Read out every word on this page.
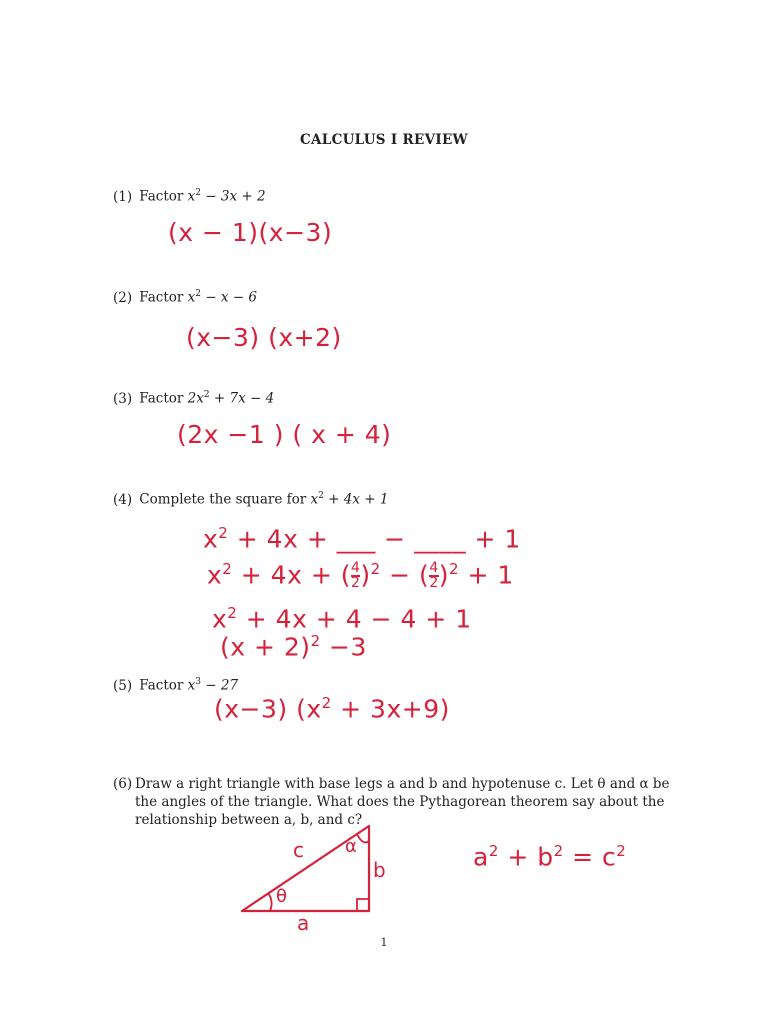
CALCULUS I REVIEW
(1) Factor $x^2 - 3x + 2$
(x − 1)(x−3)
(2) Factor $x^2 - x - 6$
(x−3) (x+2)
(3) Factor $2x^2 + 7x - 4$
(2x −1 ) ( x + 4)
(4) Complete the square for $x^2 + 4x + 1$
$x^2 + 4x$ + ___ − ____ + 1
$x^2 + 4x$ + ( $\frac{4}{2} )^2$ − ( $\frac{4}{2} )^2 + 1$
$x^2 + 4x + 4 - 4 + 1$
$(x + 2)^2 -3$
(5) Factor $x^3 - 27$
(x−3) $(x^2 + 3x+9)$
(6) Draw a right triangle with base legs a and b and hypotenuse c. Let θ and α be the angles of the triangle. What does the Pythagorean theorem say about the relationship between a, b, and c?
c α
b
θ
a
$a^2 + b^2 = c^2$
1
